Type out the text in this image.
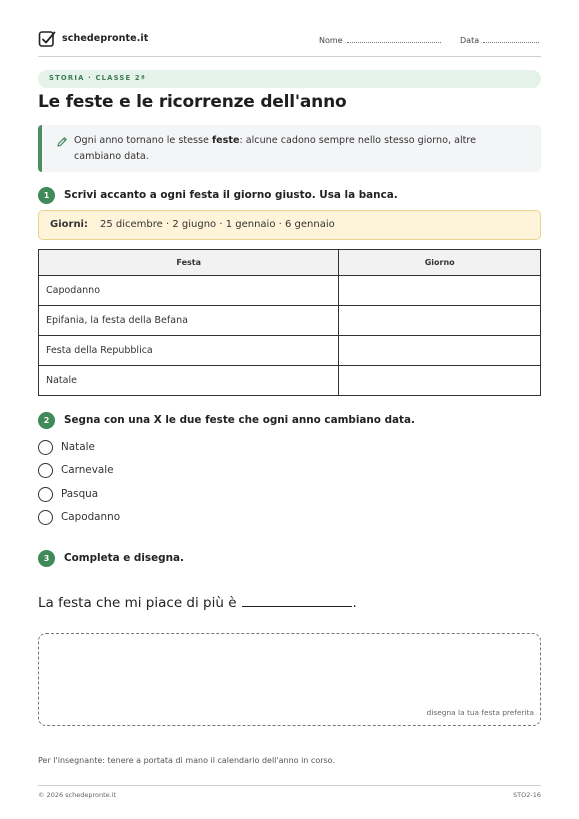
schedepronte.it	Nome	Data
STORIA · CLASSE 2ª
Le feste e le ricorrenze dell'anno
Ogni anno tornano le stesse feste: alcune cadono sempre nello stesso giorno, altre cambiano data.
1	Scrivi accanto a ogni festa il giorno giusto. Usa la banca.
Giorni: 25 dicembre · 2 giugno · 1 gennaio · 6 gennaio
Festa	Giorno
Capodanno	
Epifania, la festa della Befana	
Festa della Repubblica	
Natale	
2	Segna con una X le due feste che ogni anno cambiano data.
Natale
Carnevale
Pasqua
Capodanno
3	Completa e disegna.
La festa che mi piace di più è	.
disegna la tua festa preferita
Per l'insegnante: tenere a portata di mano il calendario dell'anno in corso.
© 2026 schedepronte.it	STO2-16
